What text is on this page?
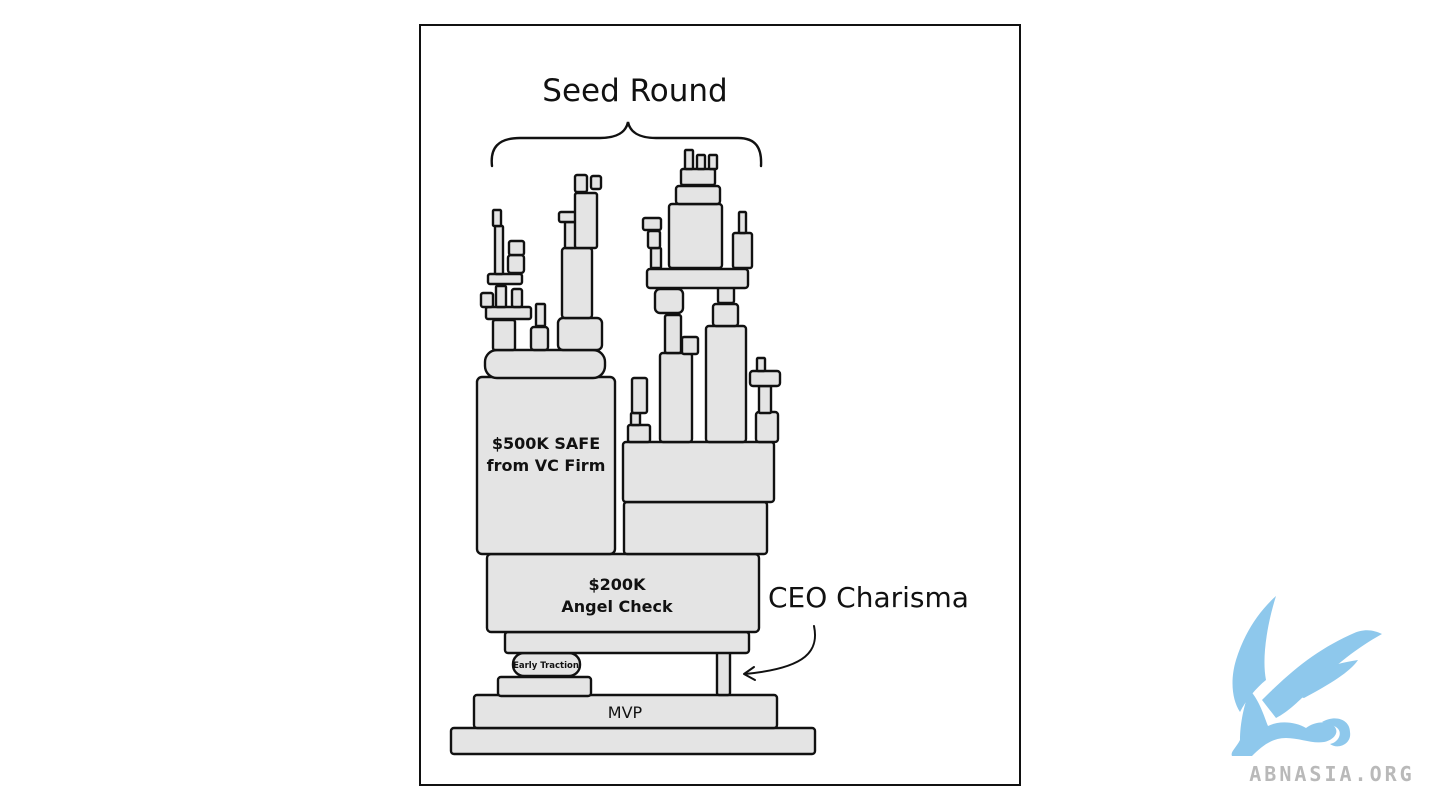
Seed Round
MVP
Early Traction
$200K
Angel Check
$500K SAFE
from VC Firm
CEO Charisma
ABNASIA.ORG
